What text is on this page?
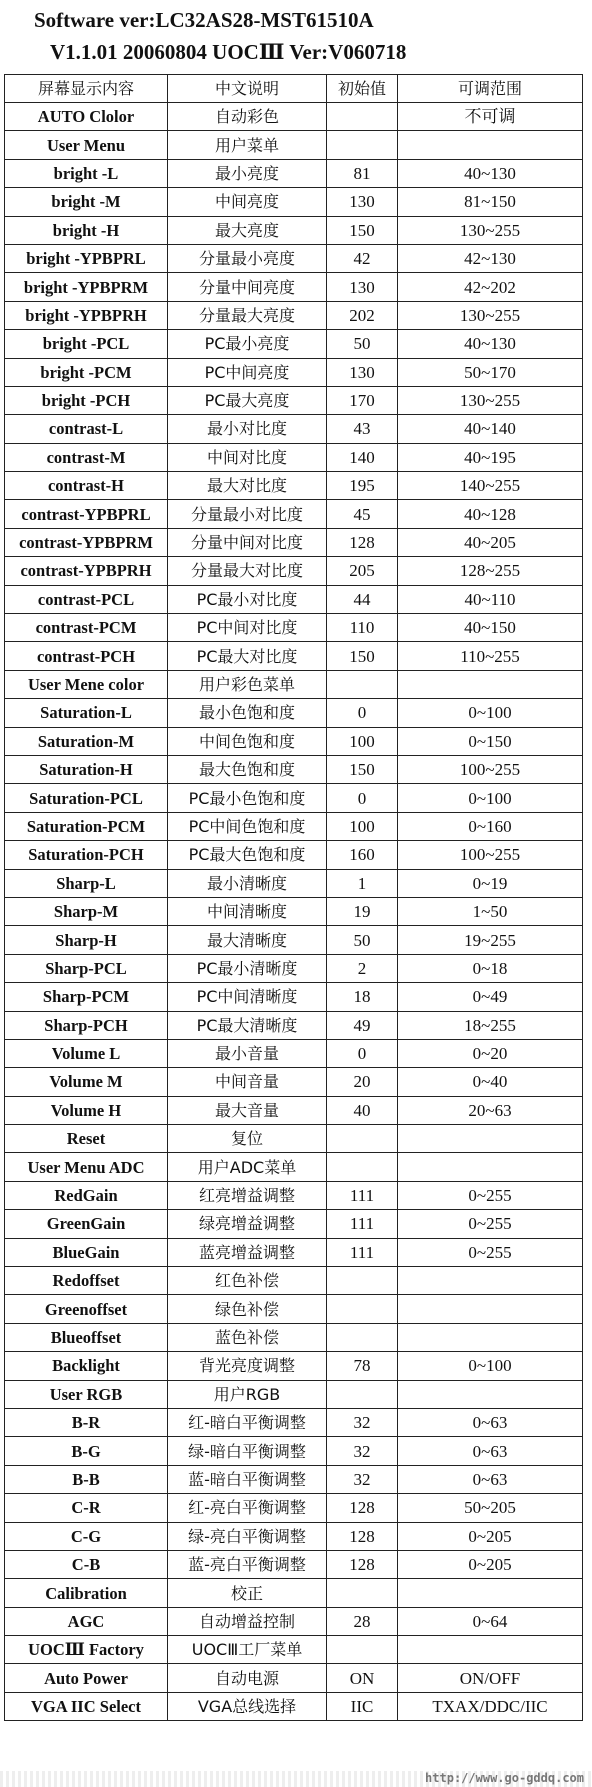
Software ver:LC32AS28-MST61510A
V1.1.01 20060804 UOCⅢ Ver:V060718
屏幕显示内容	中文说明	初始值	可调范围
AUTO Clolor	自动彩色		不可调
User Menu	用户菜单		
bright -L	最小亮度	81	40~130
bright -M	中间亮度	130	81~150
bright -H	最大亮度	150	130~255
bright -YPBPRL	分量最小亮度	42	42~130
bright -YPBPRM	分量中间亮度	130	42~202
bright -YPBPRH	分量最大亮度	202	130~255
bright -PCL	PC最小亮度	50	40~130
bright -PCM	PC中间亮度	130	50~170
bright -PCH	PC最大亮度	170	130~255
contrast-L	最小对比度	43	40~140
contrast-M	中间对比度	140	40~195
contrast-H	最大对比度	195	140~255
contrast-YPBPRL	分量最小对比度	45	40~128
contrast-YPBPRM	分量中间对比度	128	40~205
contrast-YPBPRH	分量最大对比度	205	128~255
contrast-PCL	PC最小对比度	44	40~110
contrast-PCM	PC中间对比度	110	40~150
contrast-PCH	PC最大对比度	150	110~255
User Mene color	用户彩色菜单		
Saturation-L	最小色饱和度	0	0~100
Saturation-M	中间色饱和度	100	0~150
Saturation-H	最大色饱和度	150	100~255
Saturation-PCL	PC最小色饱和度	0	0~100
Saturation-PCM	PC中间色饱和度	100	0~160
Saturation-PCH	PC最大色饱和度	160	100~255
Sharp-L	最小清晰度	1	0~19
Sharp-M	中间清晰度	19	1~50
Sharp-H	最大清晰度	50	19~255
Sharp-PCL	PC最小清晰度	2	0~18
Sharp-PCM	PC中间清晰度	18	0~49
Sharp-PCH	PC最大清晰度	49	18~255
Volume L	最小音量	0	0~20
Volume M	中间音量	20	0~40
Volume H	最大音量	40	20~63
Reset	复位		
User Menu ADC	用户ADC菜单		
RedGain	红亮增益调整	111	0~255
GreenGain	绿亮增益调整	111	0~255
BlueGain	蓝亮增益调整	111	0~255
Redoffset	红色补偿		
Greenoffset	绿色补偿		
Blueoffset	蓝色补偿		
Backlight	背光亮度调整	78	0~100
User RGB	用户RGB		
B-R	红-暗白平衡调整	32	0~63
B-G	绿-暗白平衡调整	32	0~63
B-B	蓝-暗白平衡调整	32	0~63
C-R	红-亮白平衡调整	128	50~205
C-G	绿-亮白平衡调整	128	0~205
C-B	蓝-亮白平衡调整	128	0~205
Calibration	校正		
AGC	自动增益控制	28	0~64
UOCⅢ Factory	UOCⅢ工厂菜单		
Auto Power	自动电源	ON	ON/OFF
VGA IIC Select	VGA总线选择	IIC	TXAX/DDC/IIC
http://www.go-gddq.com
